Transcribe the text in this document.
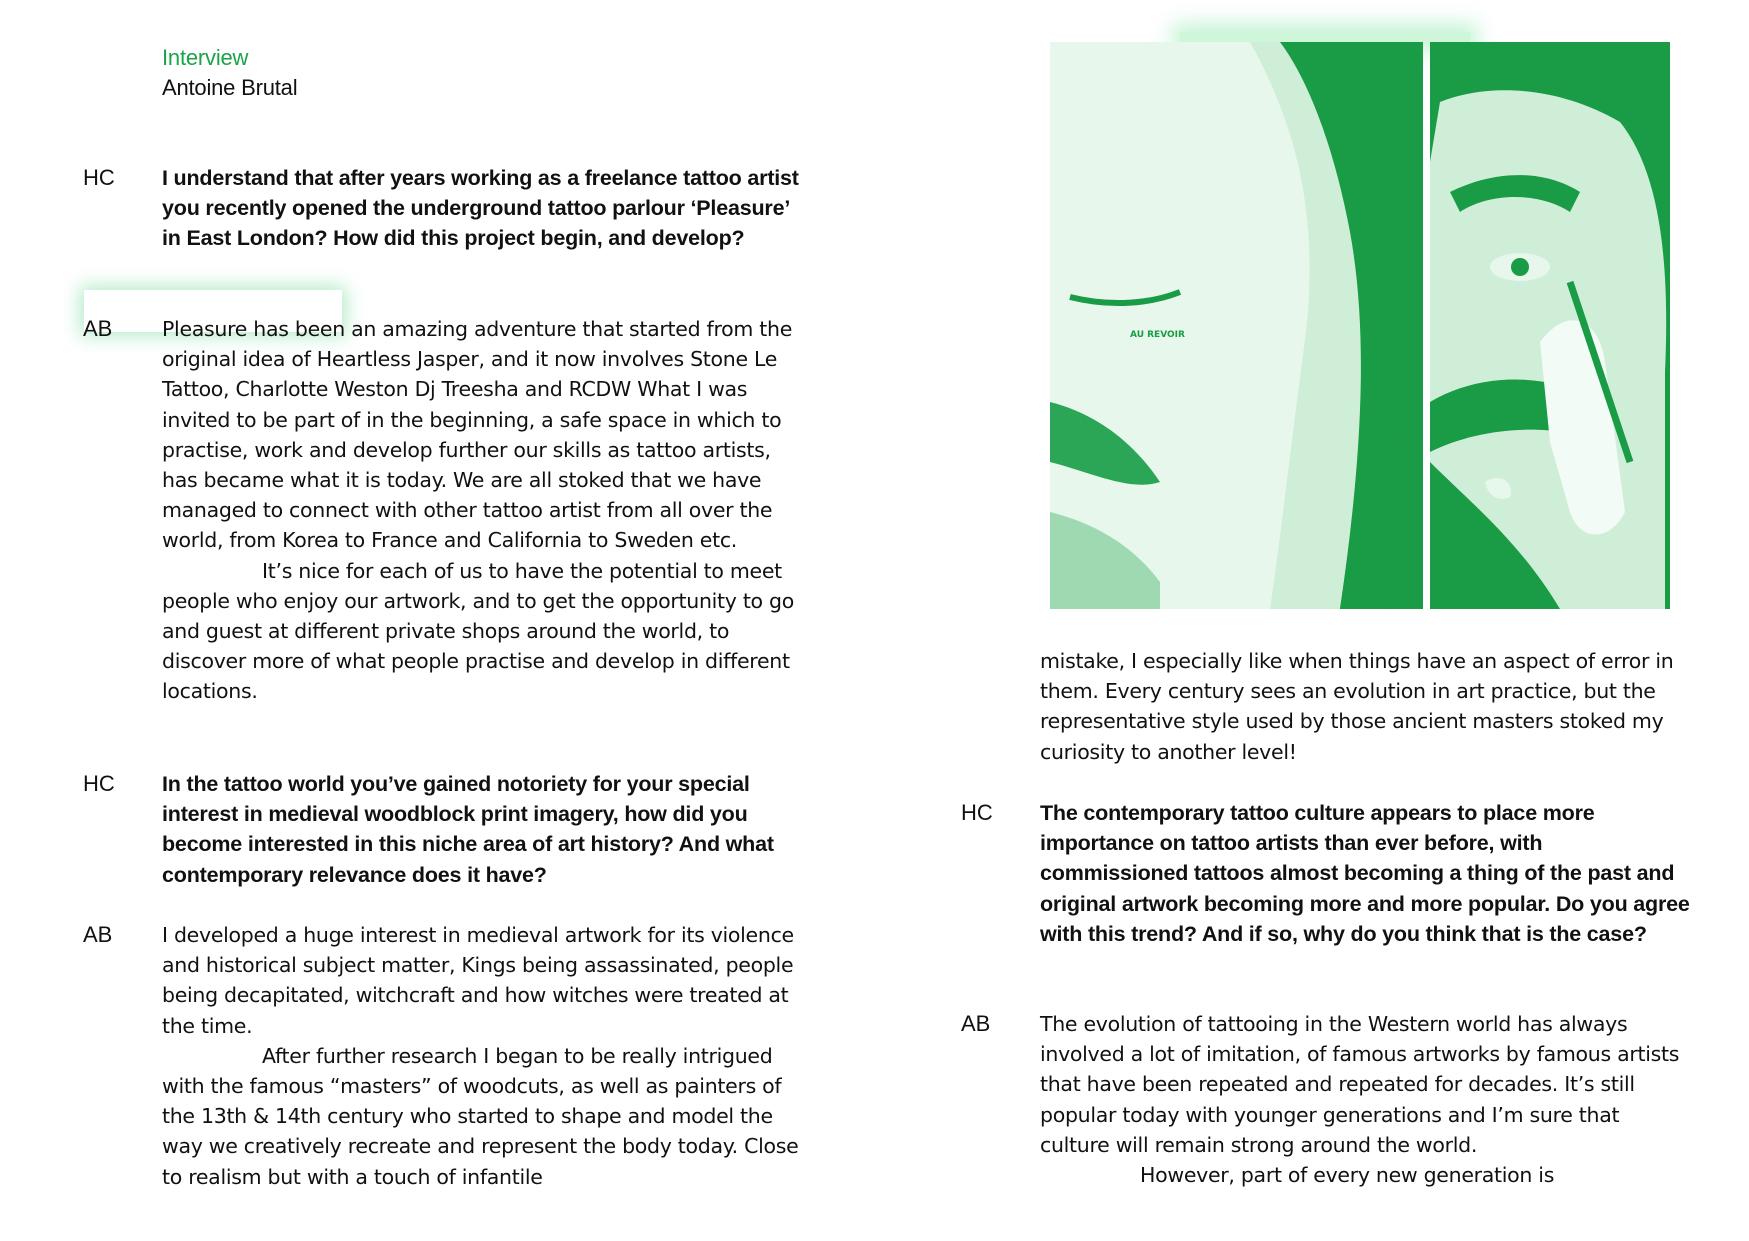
Interview
Antoine Brutal
HC	I understand that after years working as a freelance tattoo artist you recently opened the underground tattoo parlour ‘Pleasure’ in East London? How did this project begin, and develop?
AB	Pleasure has been an amazing adventure that started from the original idea of Heartless Jasper, and it now involves Stone Le Tattoo, Charlotte Weston Dj Treesha and RCDW What I was invited to be part of in the beginning, a safe space in which to practise, work and develop further our skills as tattoo artists, has became what it is today. We are all stoked that we have managed to connect with other tattoo artist from all over the world, from Korea to France and California to Sweden etc.
It’s nice for each of us to have the potential to meet people who enjoy our artwork, and to get the opportunity to go and guest at different private shops around the world, to discover more of what people practise and develop in different locations.
HC	In the tattoo world you’ve gained notoriety for your special interest in medieval woodblock print imagery, how did you become interested in this niche area of art history? And what contemporary relevance does it have?
AB	I developed a huge interest in medieval artwork for its violence and historical subject matter, Kings being assassinated, people being decapitated, witchcraft and how witches were treated at the time.
After further research I began to be really intrigued with the famous “masters” of woodcuts, as well as painters of the 13th & 14th century who started to shape and model the way we creatively recreate and represent the body today. Close to realism but with a touch of infantile
AU REVOIR
mistake, I especially like when things have an aspect of error in them. Every century sees an evolution in art practice, but the representative style used by those ancient masters stoked my curiosity to another level!
HC	The contemporary tattoo culture appears to place more importance on tattoo artists than ever before, with commissioned tattoos almost becoming a thing of the past and original artwork becoming more and more popular. Do you agree with this trend? And if so, why do you think that is the case?
AB	The evolution of tattooing in the Western world has always involved a lot of imitation, of famous artworks by famous artists that have been repeated and repeated for decades. It’s still popular today with younger generations and I’m sure that culture will remain strong around the world.
However, part of every new generation is
